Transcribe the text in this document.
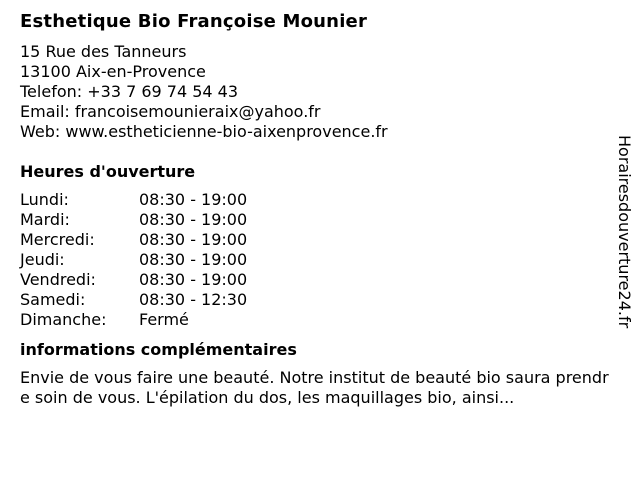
Esthetique Bio Françoise Mounier
15 Rue des Tanneurs
13100 Aix-en-Provence
Telefon: +33 7 69 74 54 43
Email: francoisemounieraix@yahoo.fr
Web: www.estheticienne-bio-aixenprovence.fr
Heures d'ouverture
Lundi:	08:30 - 19:00
Mardi:	08:30 - 19:00
Mercredi:	08:30 - 19:00
Jeudi:	08:30 - 19:00
Vendredi:	08:30 - 19:00
Samedi:	08:30 - 12:30
Dimanche: Fermé
informations complémentaires
Envie de vous faire une beauté. Notre institut de beauté bio saura prendre soin de vous. L'épilation du dos, les maquillages bio, ainsi...
Horairesdouverture24.fr
